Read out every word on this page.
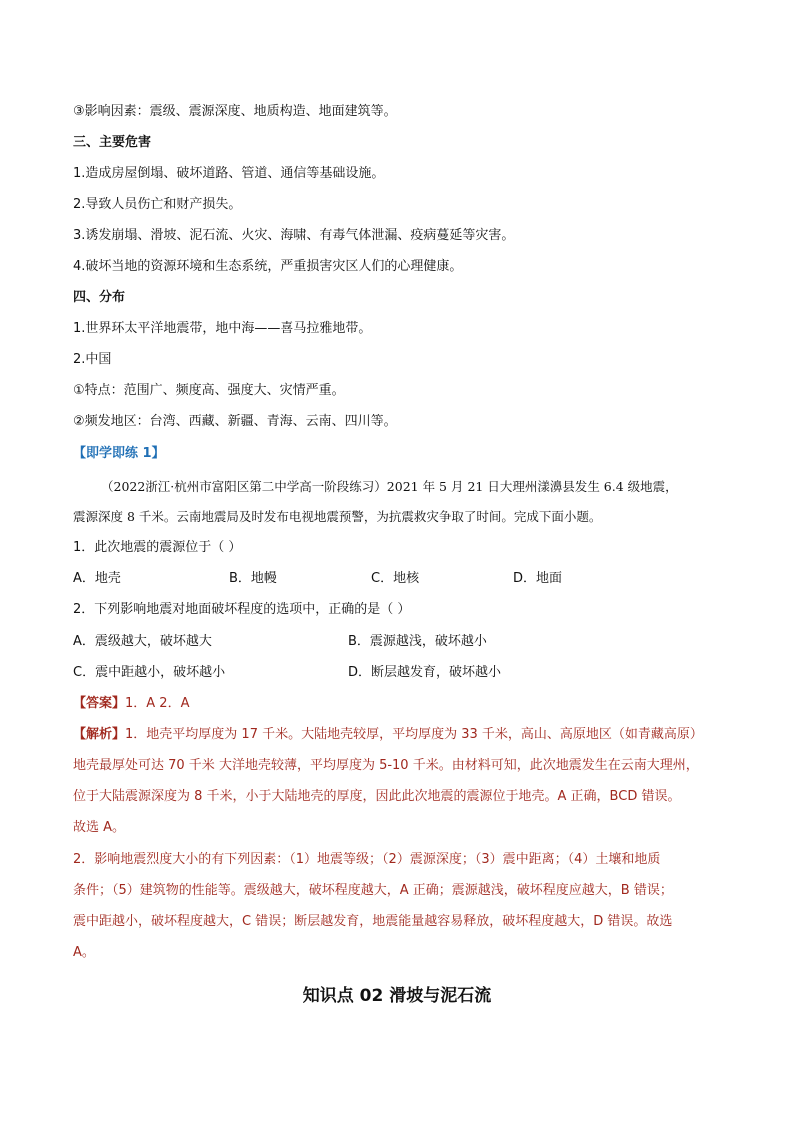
③影响因素：震级、震源深度、地质构造、地面建筑等。
三、主要危害
1.造成房屋倒塌、破坏道路、管道、通信等基础设施。
2.导致人员伤亡和财产损失。
3.诱发崩塌、滑坡、泥石流、火灾、海啸、有毒气体泄漏、疫病蔓延等灾害。
4.破坏当地的资源环境和生态系统，严重损害灾区人们的心理健康。
四、分布
1.世界环太平洋地震带，地中海——喜马拉雅地带。
2.中国
①特点：范围广、频度高、强度大、灾情严重。
②频发地区：台湾、西藏、新疆、青海、云南、四川等。
【即学即练 1】
（2022浙江·杭州市富阳区第二中学高一阶段练习）2021 年 5 月 21 日大理州漾濞县发生 6.4 级地震，
震源深度 8 千米。云南地震局及时发布电视地震预警，为抗震救灾争取了时间。完成下面小题。
1．此次地震的震源位于（ ）
A．地壳	B．地幔	C．地核	D．地面
2．下列影响地震对地面破坏程度的选项中，正确的是（ ）
A．震级越大，破坏越大	B．震源越浅，破坏越小
C．震中距越小，破坏越小	D．断层越发育，破坏越小
【答案】1．A 2．A
【解析】1．地壳平均厚度为 17 千米。大陆地壳较厚，平均厚度为 33 千米，高山、高原地区（如青藏高原）
地壳最厚处可达 70 千米 大洋地壳较薄，平均厚度为 5-10 千米。由材料可知，此次地震发生在云南大理州，
位于大陆震源深度为 8 千米，小于大陆地壳的厚度，因此此次地震的震源位于地壳。A 正确，BCD 错误。
故选 A。
2．影响地震烈度大小的有下列因素：（1）地震等级；（2）震源深度；（3）震中距离；（4）土壤和地质
条件；（5）建筑物的性能等。震级越大，破坏程度越大，A 正确；震源越浅，破坏程度应越大，B 错误；
震中距越小，破坏程度越大，C 错误；断层越发育，地震能量越容易释放，破坏程度越大，D 错误。故选
A。
知识点 02 滑坡与泥石流
